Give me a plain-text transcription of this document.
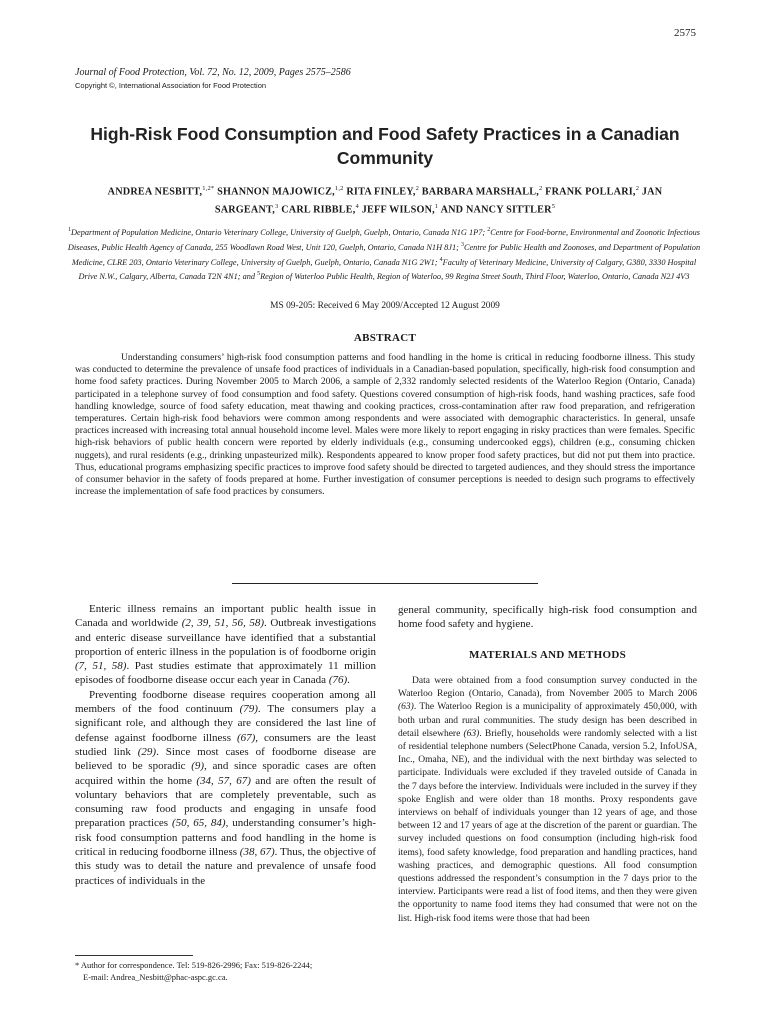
2575
Journal of Food Protection, Vol. 72, No. 12, 2009, Pages 2575–2586
Copyright ©, International Association for Food Protection
High-Risk Food Consumption and Food Safety Practices in a Canadian Community
ANDREA NESBITT,$^{1,2*}$ SHANNON MAJOWICZ,$^{1,2}$ RITA FINLEY,$^2$ BARBARA MARSHALL,$^2$ FRANK POLLARI,$^2$ JAN SARGEANT,$^3$ CARL RIBBLE,$^4$ JEFF WILSON,$^1$ AND NANCY SITTLER$^5$
$^1$Department of Population Medicine, Ontario Veterinary College, University of Guelph, Guelph, Ontario, Canada N1G 1P7; $^2$Centre for Food-borne, Environmental and Zoonotic Infectious Diseases, Public Health Agency of Canada, 255 Woodlawn Road West, Unit 120, Guelph, Ontario, Canada N1H 8J1; $^3$Centre for Public Health and Zoonoses, and Department of Population Medicine, CLRE 203, Ontario Veterinary College, University of Guelph, Guelph, Ontario, Canada N1G 2W1; $^4$Faculty of Veterinary Medicine, University of Calgary, G380, 3330 Hospital Drive N.W., Calgary, Alberta, Canada T2N 4N1; and $^5$Region of Waterloo Public Health, Region of Waterloo, 99 Regina Street South, Third Floor, Waterloo, Ontario, Canada N2J 4V3
MS 09-205: Received 6 May 2009/Accepted 12 August 2009
ABSTRACT

Understanding consumers’ high-risk food consumption patterns and food handling in the home is critical in reducing foodborne illness. This study was conducted to determine the prevalence of unsafe food practices of individuals in a Canadian-based population, specifically, high-risk food consumption and home food safety practices. During November 2005 to March 2006, a sample of 2,332 randomly selected residents of the Waterloo Region (Ontario, Canada) participated in a telephone survey of food consumption and food safety. Questions covered consumption of high-risk foods, hand washing practices, safe food handling knowledge, source of food safety education, meat thawing and cooking practices, cross-contamination after raw food preparation, and refrigeration temperatures. Certain high-risk food behaviors were common among respondents and were associated with demographic characteristics. In general, unsafe practices increased with increasing total annual household income level. Males were more likely to report engaging in risky practices than were females. Specific high-risk behaviors of public health concern were reported by elderly individuals (e.g., consuming undercooked eggs), children (e.g., consuming chicken nuggets), and rural residents (e.g., drinking unpasteurized milk). Respondents appeared to know proper food safety practices, but did not put them into practice. Thus, educational programs emphasizing specific practices to improve food safety should be directed to targeted audiences, and they should stress the importance of consumer behavior in the safety of foods prepared at home. Further investigation of consumer perceptions is needed to design such programs to effectively increase the implementation of safe food practices by consumers.

Enteric illness remains an important public health issue in Canada and worldwide (2, 39, 51, 56, 58). Outbreak investigations and enteric disease surveillance have identified that a substantial proportion of enteric illness in the population is of foodborne origin (7, 51, 58). Past studies estimate that approximately 11 million episodes of foodborne disease occur each year in Canada (76).

Preventing foodborne disease requires cooperation among all members of the food continuum (79). The consumers play a significant role, and although they are considered the last line of defense against foodborne illness (67), consumers are the least studied link (29). Since most cases of foodborne disease are believed to be sporadic (9), and since sporadic cases are often acquired within the home (34, 57, 67) and are often the result of voluntary behaviors that are completely preventable, such as consuming raw food products and engaging in unsafe food preparation practices (50, 65, 84), understanding consumer’s high-risk food consumption patterns and food handling in the home is critical in reducing foodborne illness (38, 67). Thus, the objective of this study was to detail the nature and prevalence of unsafe food practices of individuals in the

general community, specifically high-risk food consumption and home food safety and hygiene.

MATERIALS AND METHODS

Data were obtained from a food consumption survey conducted in the Waterloo Region (Ontario, Canada), from November 2005 to March 2006 (63). The Waterloo Region is a municipality of approximately 450,000, with both urban and rural communities. The study design has been described in detail elsewhere (63). Briefly, households were randomly selected with a list of residential telephone numbers (SelectPhone Canada, version 5.2, InfoUSA, Inc., Omaha, NE), and the individual with the next birthday was selected to participate. Individuals were excluded if they traveled outside of Canada in the 7 days before the interview. Individuals were included in the survey if they spoke English and were older than 18 months. Proxy respondents gave interviews on behalf of individuals younger than 12 years of age, and those between 12 and 17 years of age at the discretion of the parent or guardian. The survey included questions on food consumption (including high-risk food items), food safety knowledge, food preparation and handling practices, hand washing practices, and demographic questions. All food consumption questions addressed the respondent’s consumption in the 7 days prior to the interview. Participants were read a list of food items, and then they were given the opportunity to name food items they had consumed that were not on the list. High-risk food items were those that had been

* Author for correspondence. Tel: 519-826-2996; Fax: 519-826-2244;
E-mail: Andrea_Nesbitt@phac-aspc.gc.ca.
